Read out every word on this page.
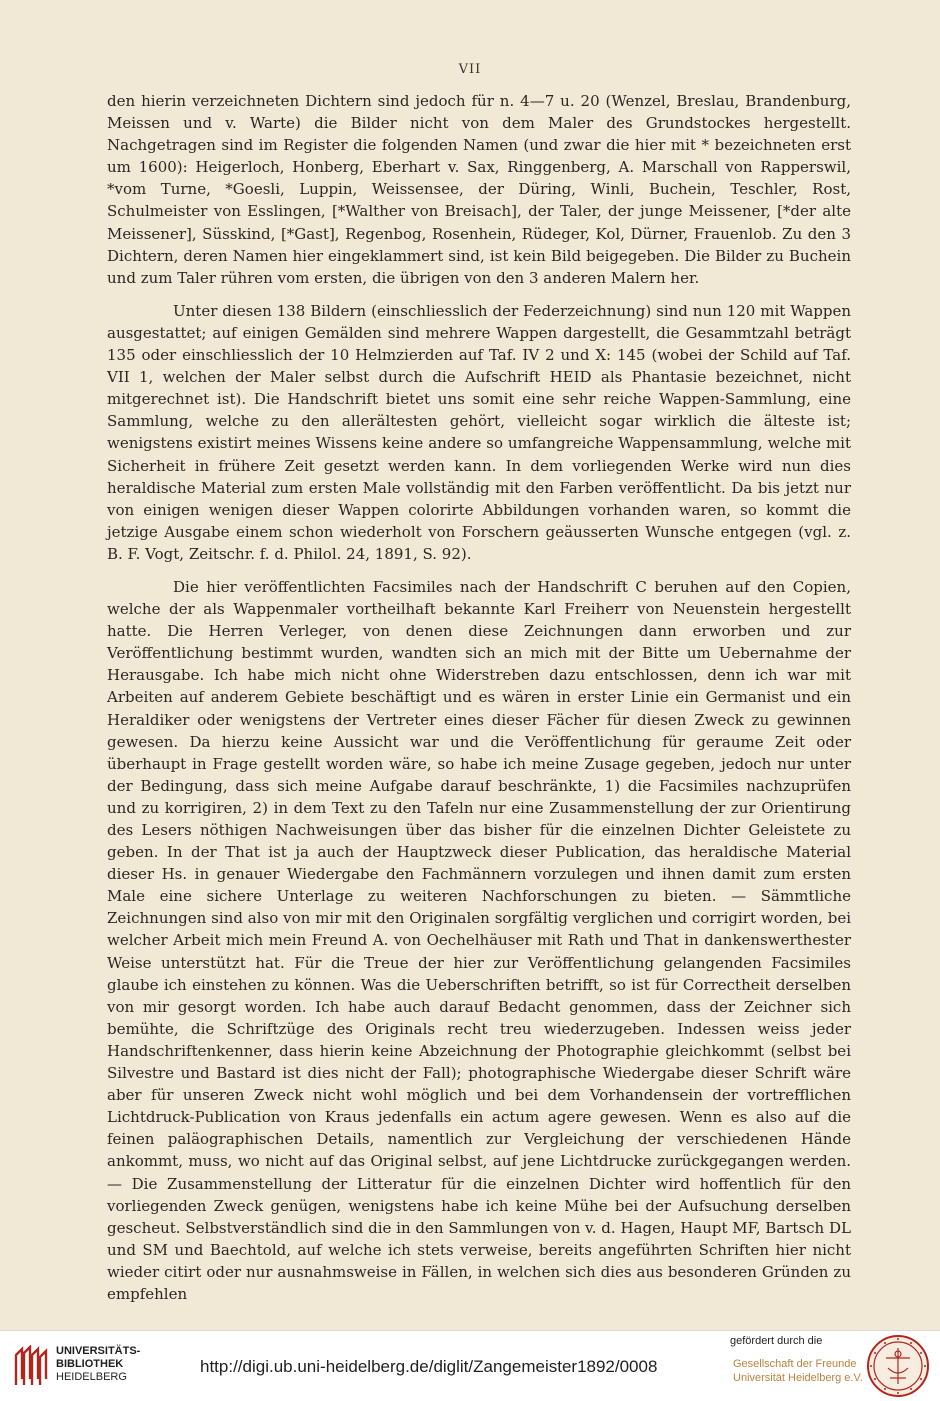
VII

den hierin verzeichneten Dichtern sind jedoch für n. 4—7 u. 20 (Wenzel, Breslau, Brandenburg, Meissen und v. Warte) die Bilder nicht von dem Maler des Grundstockes hergestellt. Nachgetragen sind im Register die folgenden Namen (und zwar die hier mit * bezeichneten erst um 1600): Heigerloch, Honberg, Eberhart v. Sax, Ringgenberg, A. Marschall von Rapperswil, *vom Turne, *Goesli, Luppin, Weissensee, der Düring, Winli, Buchein, Teschler, Rost, Schulmeister von Esslingen, [*Walther von Breisach], der Taler, der junge Meissener, [*der alte Meissener], Süsskind, [*Gast], Regenbog, Rosenhein, Rüdeger, Kol, Dürner, Frauenlob. Zu den 3 Dichtern, deren Namen hier eingeklammert sind, ist kein Bild beigegeben. Die Bilder zu Buchein und zum Taler rühren vom ersten, die übrigen von den 3 anderen Malern her.

Unter diesen 138 Bildern (einschliesslich der Federzeichnung) sind nun 120 mit Wappen ausgestattet; auf einigen Gemälden sind mehrere Wappen dargestellt, die Gesammtzahl beträgt 135 oder einschliesslich der 10 Helmzierden auf Taf. IV 2 und X: 145 (wobei der Schild auf Taf. VII 1, welchen der Maler selbst durch die Aufschrift HEID als Phantasie bezeichnet, nicht mitgerechnet ist). Die Handschrift bietet uns somit eine sehr reiche Wappen-Sammlung, eine Sammlung, welche zu den allerältesten gehört, vielleicht sogar wirklich die älteste ist; wenigstens existirt meines Wissens keine andere so umfangreiche Wappensammlung, welche mit Sicherheit in frühere Zeit gesetzt werden kann. In dem vorliegenden Werke wird nun dies heraldische Material zum ersten Male vollständig mit den Farben veröffentlicht. Da bis jetzt nur von einigen wenigen dieser Wappen colorirte Abbildungen vorhanden waren, so kommt die jetzige Ausgabe einem schon wiederholt von Forschern geäusserten Wunsche entgegen (vgl. z. B. F. Vogt, Zeitschr. f. d. Philol. 24, 1891, S. 92).

Die hier veröffentlichten Facsimiles nach der Handschrift C beruhen auf den Copien, welche der als Wappenmaler vortheilhaft bekannte Karl Freiherr von Neuenstein hergestellt hatte. Die Herren Verleger, von denen diese Zeichnungen dann erworben und zur Veröffentlichung bestimmt wurden, wandten sich an mich mit der Bitte um Uebernahme der Herausgabe. Ich habe mich nicht ohne Widerstreben dazu entschlossen, denn ich war mit Arbeiten auf anderem Gebiete beschäftigt und es wären in erster Linie ein Germanist und ein Heraldiker oder wenigstens der Vertreter eines dieser Fächer für diesen Zweck zu gewinnen gewesen. Da hierzu keine Aussicht war und die Veröffentlichung für geraume Zeit oder überhaupt in Frage gestellt worden wäre, so habe ich meine Zusage gegeben, jedoch nur unter der Bedingung, dass sich meine Aufgabe darauf beschränkte, 1) die Facsimiles nachzuprüfen und zu korrigiren, 2) in dem Text zu den Tafeln nur eine Zusammenstellung der zur Orientirung des Lesers nöthigen Nachweisungen über das bisher für die einzelnen Dichter Geleistete zu geben. In der That ist ja auch der Hauptzweck dieser Publication, das heraldische Material dieser Hs. in genauer Wiedergabe den Fachmännern vorzulegen und ihnen damit zum ersten Male eine sichere Unterlage zu weiteren Nachforschungen zu bieten. — Sämmtliche Zeichnungen sind also von mir mit den Originalen sorgfältig verglichen und corrigirt worden, bei welcher Arbeit mich mein Freund A. von Oechelhäuser mit Rath und That in dankenswerthester Weise unterstützt hat. Für die Treue der hier zur Veröffentlichung gelangenden Facsimiles glaube ich einstehen zu können. Was die Ueberschriften betrifft, so ist für Correctheit derselben von mir gesorgt worden. Ich habe auch darauf Bedacht genommen, dass der Zeichner sich bemühte, die Schriftzüge des Originals recht treu wiederzugeben. Indessen weiss jeder Handschriftenkenner, dass hierin keine Abzeichnung der Photographie gleichkommt (selbst bei Silvestre und Bastard ist dies nicht der Fall); photographische Wiedergabe dieser Schrift wäre aber für unseren Zweck nicht wohl möglich und bei dem Vorhandensein der vortrefflichen Lichtdruck-Publication von Kraus jedenfalls ein actum agere gewesen. Wenn es also auf die feinen paläographischen Details, namentlich zur Vergleichung der verschiedenen Hände ankommt, muss, wo nicht auf das Original selbst, auf jene Lichtdrucke zurückgegangen werden. — Die Zusammenstellung der Litteratur für die einzelnen Dichter wird hoffentlich für den vorliegenden Zweck genügen, wenigstens habe ich keine Mühe bei der Aufsuchung derselben gescheut. Selbstverständlich sind die in den Sammlungen von v. d. Hagen, Haupt MF, Bartsch DL und SM und Baechtold, auf welche ich stets verweise, bereits angeführten Schriften hier nicht wieder citirt oder nur ausnahmsweise in Fällen, in welchen sich dies aus besonderen Gründen zu empfehlen

UNIVERSITÄTS-
BIBLIOTHEK
HEIDELBERG
http://digi.ub.uni-heidelberg.de/diglit/Zangemeister1892/0008
gefördert durch die
Gesellschaft der Freunde
Universität Heidelberg e.V.
